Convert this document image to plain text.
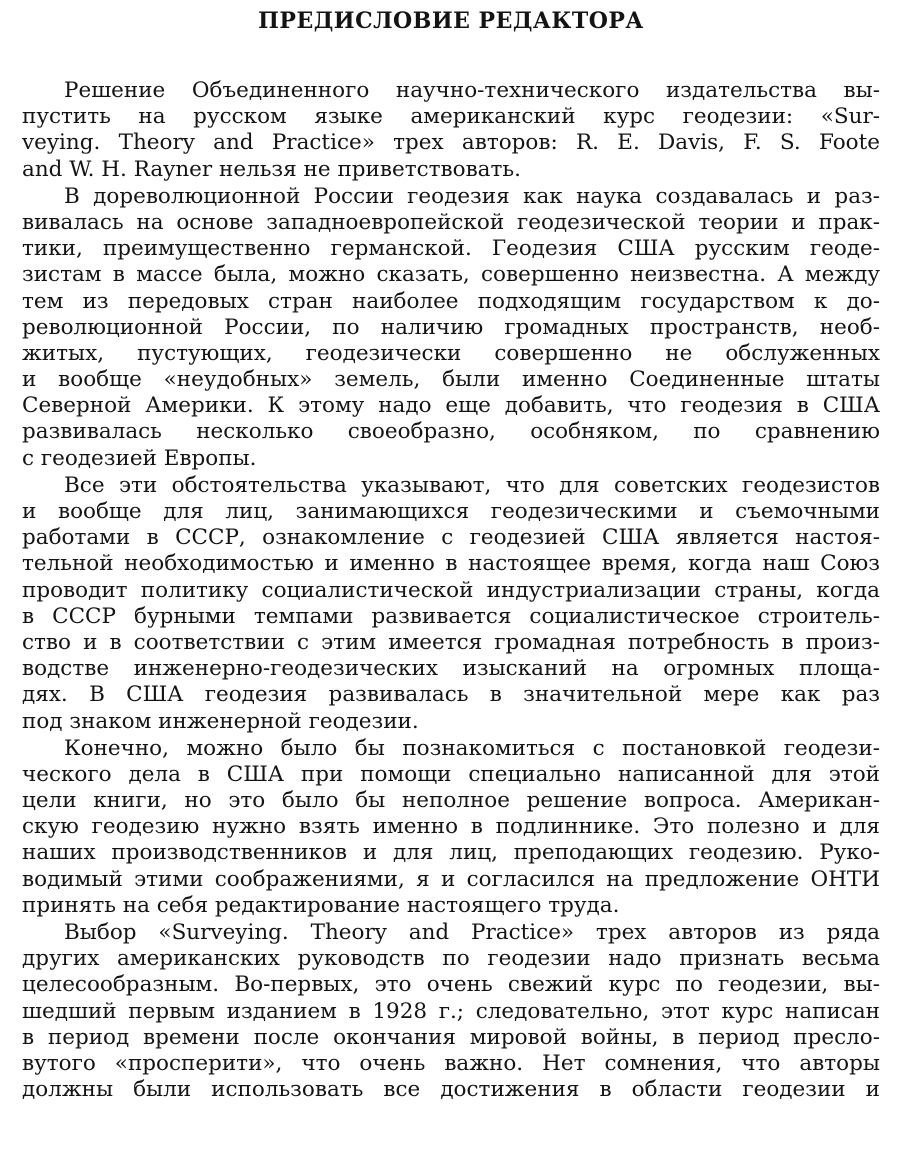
ПРЕДИСЛОВИЕ РЕДАКТОРА

Решение Объединенного научно-технического издательства вы-
пустить на русском языке американский курс геодезии: «Sur-
veying. Theory and Practice» трех авторов: R. E. Davis, F. S. Foote
and W. H. Rayner нельзя не приветствовать.

В дореволюционной России геодезия как наука создавалась и раз-
вивалась на основе западноевропейской геодезической теории и прак-
тики, преимущественно германской. Геодезия США русским геоде-
зистам в массе была, можно сказать, совершенно неизвестна. А между
тем из передовых стран наиболее подходящим государством к до-
революционной России, по наличию громадных пространств, необ-
житых, пустующих, геодезически совершенно не обслуженных
и вообще «неудобных» земель, были именно Соединенные штаты
Северной Америки. К этому надо еще добавить, что геодезия в США
развивалась несколько своеобразно, особняком, по сравнению
с геодезией Европы.

Все эти обстоятельства указывают, что для советских геодезистов
и вообще для лиц, занимающихся геодезическими и съемочными
работами в СССР, ознакомление с геодезией США является настоя-
тельной необходимостью и именно в настоящее время, когда наш Союз
проводит политику социалистической индустриализации страны, когда
в СССР бурными темпами развивается социалистическое строитель-
ство и в соответствии с этим имеется громадная потребность в произ-
водстве инженерно-геодезических изысканий на огромных площа-
дях. В США геодезия развивалась в значительной мере как раз
под знаком инженерной геодезии.

Конечно, можно было бы познакомиться с постановкой геодези-
ческого дела в США при помощи специально написанной для этой
цели книги, но это было бы неполное решение вопроса. Американ-
скую геодезию нужно взять именно в подлиннике. Это полезно и для
наших производственников и для лиц, преподающих геодезию. Руко-
водимый этими соображениями, я и согласился на предложение ОНТИ
принять на себя редактирование настоящего труда.

Выбор «Surveying. Theory and Practice» трех авторов из ряда
других американских руководств по геодезии надо признать весьма
целесообразным. Во-первых, это очень свежий курс по геодезии, вы-
шедший первым изданием в 1928 г.; следовательно, этот курс написан
в период времени после окончания мировой войны, в период пресло-
вутого «просперити», что очень важно. Нет сомнения, что авторы
должны были использовать все достижения в области геодезии и
